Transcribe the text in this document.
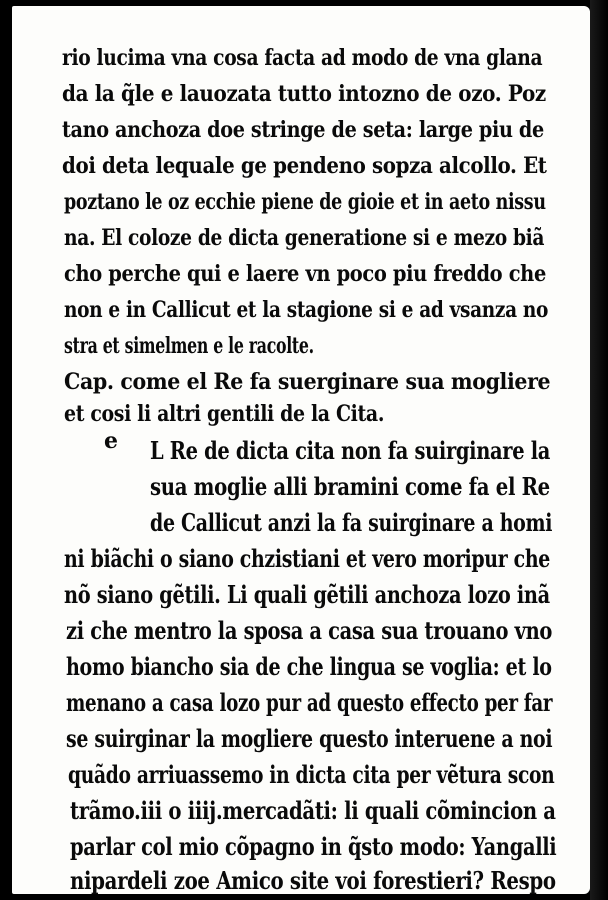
rio lucima vna cosa facta ad modo de vna glana
da la q̃le e lauozata tutto intozno de ozo. Poz
tano anchoza doe stringe de seta: large piu de
doi deta lequale ge pendeno sopza alcollo. Et
poztano le oz ecchie piene de gioie et in aeto nissu
na. El coloze de dicta generatione si e mezo biã
cho perche qui e laere vn poco piu freddo che
non e in Callicut et la stagione si e ad vsanza no
stra et simelmen e le racolte.
Cap. come el Re fa suerginare sua mogliere
et cosi li altri gentili de la Cita.
L Re de dicta cita non fa suirginare la
sua moglie alli bramini come fa el Re
de Callicut anzi la fa suirginare a homi
ni biãchi o siano chzistiani et vero moripur che
nõ siano gẽtili. Li quali gẽtili anchoza lozo inã
zi che mentro la sposa a casa sua trouano vno
homo biancho sia de che lingua se voglia: et lo
menano a casa lozo pur ad questo effecto per far
se suirginar la mogliere questo interuene a noi
quãdo arriuassemo in dicta cita per vẽtura scon
trãmo.iii o iiij.mercadãti: li quali cõmincion a
parlar col mio cõpagno in q̃sto modo: Yangalli
nipardeli zoe Amico site voi forestieri? Respo
e
